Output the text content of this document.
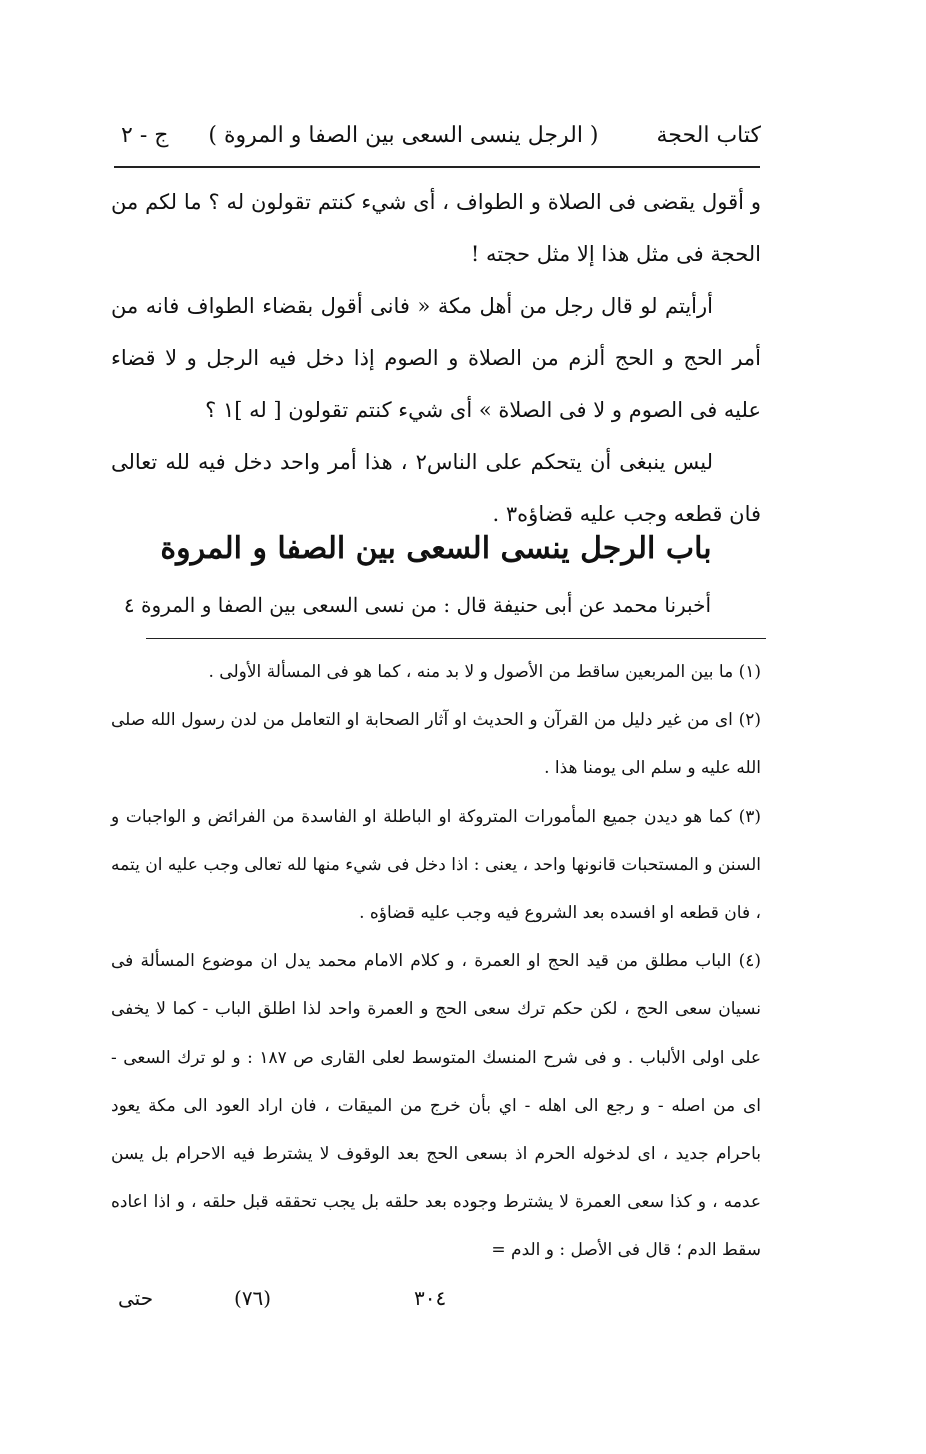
كتاب الحجة
( الرجل ينسى السعى بين الصفا و المروة )
ج - ٢

و أقول يقضى فى الصلاة و الطواف ، أى شيء كنتم تقولون له ؟ ما لكم من الحجة فى مثل هذا إلا مثل حجته !

أرأيتم لو قال رجل من أهل مكة « فانى أقول بقضاء الطواف فانه من أمر الحج و الحج ألزم من الصلاة و الصوم إذا دخل فيه الرجل و لا قضاء عليه فى الصوم و لا فى الصلاة » أى شيء كنتم تقولون [ له ]١ ؟

ليس ينبغى أن يتحكم على الناس٢ ، هذا أمر واحد دخل فيه لله تعالى فان قطعه وجب عليه قضاؤه٣ .

باب الرجل ينسى السعى بين الصفا و المروة
أخبرنا محمد عن أبى حنيفة قال : من نسى السعى بين الصفا و المروة ٤

(١) ما بين المربعين ساقط من الأصول و لا بد منه ، كما هو فى المسألة الأولى .

(٢) اى من غير دليل من القرآن و الحديث او آثار الصحابة او التعامل من لدن رسول الله صلى الله عليه و سلم الى يومنا هذا .

(٣) كما هو ديدن جميع المأمورات المتروكة او الباطلة او الفاسدة من الفرائض و الواجبات و السنن و المستحبات قانونها واحد ، يعنى : اذا دخل فى شيء منها لله تعالى وجب عليه ان يتمه ، فان قطعه او افسده بعد الشروع فيه وجب عليه قضاؤه .

(٤) الباب مطلق من قيد الحج او العمرة ، و كلام الامام محمد يدل ان موضوع المسألة فى نسيان سعى الحج ، لكن حكم ترك سعى الحج و العمرة واحد لذا اطلق الباب - كما لا يخفى على اولى الألباب . و فى شرح المنسك المتوسط لعلى القارى ص ١٨٧ : و لو ترك السعى - اى من اصله - و رجع الى اهله - اي بأن خرج من الميقات ، فان اراد العود الى مكة يعود باحرام جديد ، اى لدخوله الحرم اذ بسعى الحج بعد الوقوف لا يشترط فيه الاحرام بل يسن عدمه ، و كذا سعى العمرة لا يشترط وجوده بعد حلقه بل يجب تحققه قبل حلقه ، و اذا اعاده سقط الدم ؛ قال فى الأصل : و الدم =

حتى	(٧٦)	٣٠٤
